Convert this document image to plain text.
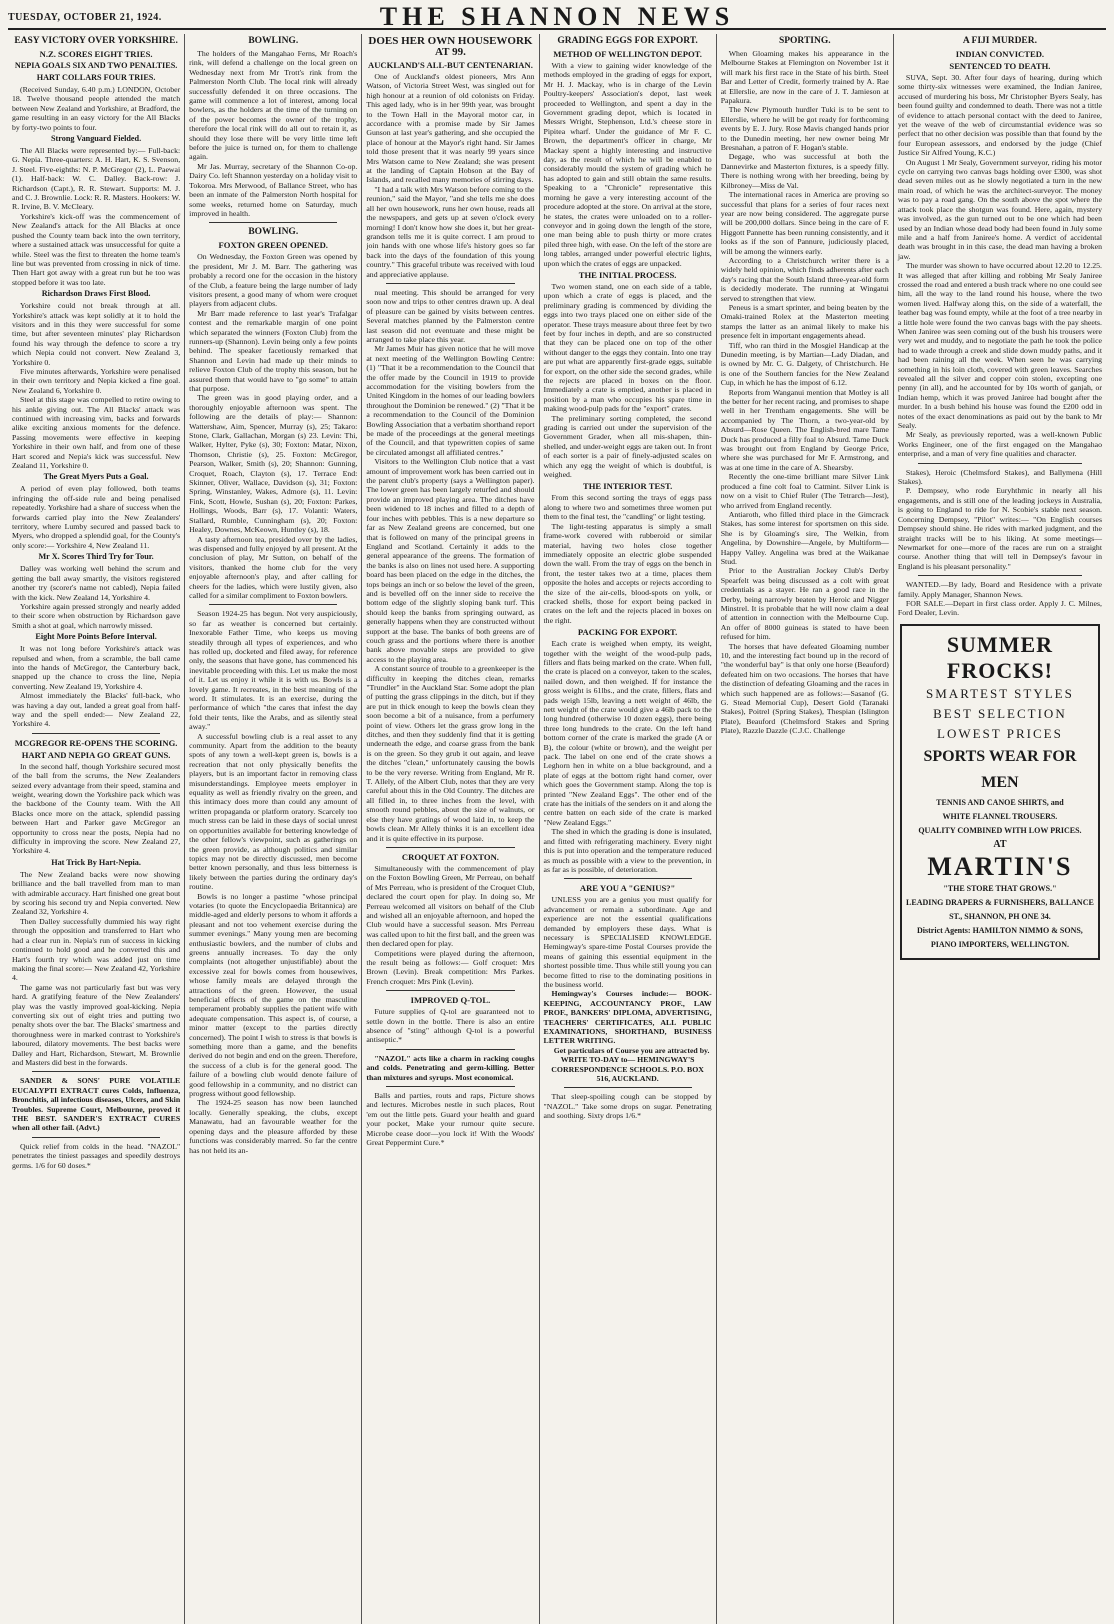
TUESDAY, OCTOBER 21, 1924.	THE SHANNON NEWS
EASY VICTORY OVER YORKSHIRE.
N.Z. SCORES EIGHT TRIES.
NEPIA GOALS SIX AND TWO PENALTIES.
HART COLLARS FOUR TRIES.

(Received Sunday, 6.40 p.m.) LONDON, October 18. Twelve thousand people attended the match between New Zealand and Yorkshire, at Bradford, the game resulting in an easy victory for the All Blacks by forty-two points to four.

Strong Vanguard Fielded.

The All Blacks were represented by:— Full-back: G. Nepia. Three-quarters: A. H. Hart, K. S. Svenson, J. Steel. Five-eighths: N. P. McGregor (2), L. Paewai (1). Half-back: W. C. Dalley. Back-row: J. Richardson (Capt.), R. R. Stewart. Supports: M. J. and C. J. Brownlie. Lock: R. R. Masters. Hookers: W. R. Irvine, B. V. McCleary.

Yorkshire's kick-off was the commencement of New Zealand's attack for the All Blacks at once pushed the County team back into the own territory, where a sustained attack was unsuccessful for quite a while. Steel was the first to threaten the home team's line but was prevented from crossing in nick of time. Then Hart got away with a great run but he too was stopped before it was too late.

Richardson Draws First Blood.

Yorkshire could not break through at all. Yorkshire's attack was kept solidly at it to hold the visitors and in this they were successful for some time, but after seventeen minutes' play Richardson found his way through the defence to score a try which Nepia could not convert. New Zealand 3, Yorkshire 0.

Five minutes afterwards, Yorkshire were penalised in their own territory and Nepia kicked a fine goal. New Zealand 6, Yorkshire 0.

Steel at this stage was compelled to retire owing to his ankle giving out. The All Blacks' attack was continued with increasing vim, backs and forwards alike exciting anxious moments for the defence. Passing movements were effective in keeping Yorkshire in their own half, and from one of these Hart scored and Nepia's kick was successful. New Zealand 11, Yorkshire 0.

The Great Myers Puts a Goal.

A period of even play followed, both teams infringing the off-side rule and being penalised repeatedly. Yorkshire had a share of success when the forwards carried play into the New Zealanders' territory, where Lumby secured and passed back to Myers, who dropped a splendid goal, for the County's only score:— Yorkshire 4, New Zealand 11.

Mr X. Scores Third Try for Tour.

Dalley was working well behind the scrum and getting the ball away smartly, the visitors registered another try (scorer's name not cabled), Nepia failed with the kick. New Zealand 14, Yorkshire 4.

Yorkshire again pressed strongly and nearly added to their score when obstruction by Richardson gave Smith a shot at goal, which narrowly missed.

Eight More Points Before Interval.

It was not long before Yorkshire's attack was repulsed and when, from a scramble, the ball came into the hands of McGregor, the Canterbury back, snapped up the chance to cross the line, Nepia converting. New Zealand 19, Yorkshire 4.

Almost immediately the Blacks' full-back, who was having a day out, landed a great goal from half-way and the spell ended:— New Zealand 22, Yorkshire 4.

MCGREGOR RE-OPENS THE SCORING.
HART AND NEPIA GO GREAT GUNS.

In the second half, though Yorkshire secured most of the ball from the scrums, the New Zealanders seized every advantage from their speed, stamina and weight, wearing down the Yorkshire pack which was the backbone of the County team. With the All Blacks once more on the attack, splendid passing between Hart and Parker gave McGregor an opportunity to cross near the posts, Nepia had no difficulty in improving the score. New Zealand 27, Yorkshire 4.

Hat Trick By Hart-Nepia.

The New Zealand backs were now showing brilliance and the ball travelled from man to man with admirable accuracy. Hart finished one great bout by scoring his second try and Nepia converted. New Zealand 32, Yorkshire 4.

Then Dalley successfully dummied his way right through the opposition and transferred to Hart who had a clear run in. Nepia's run of success in kicking continued to hold good and he converted this and Hart's fourth try which was added just on time making the final score:— New Zealand 42, Yorkshire 4.

The game was not particularly fast but was very hard. A gratifying feature of the New Zealanders' play was the vastly improved goal-kicking. Nepia converting six out of eight tries and putting two penalty shots over the bar. The Blacks' smartness and thoroughness were in marked contrast to Yorkshire's laboured, dilatory movements. The best backs were Dalley and Hart, Richardson, Stewart, M. Brownlie and Masters did best in the forwards.

SANDER & SONS' PURE VOLATILE EUCALYPTI EXTRACT cures Colds, Influenza, Bronchitis, all infectious diseases, Ulcers, and Skin Troubles. Supreme Court, Melbourne, proved it THE BEST. SANDER'S EXTRACT CURES when all other fail. (Advt.)

Quick relief from colds in the head. "NAZOL" penetrates the tiniest passages and speedily destroys germs. 1/6 for 60 doses.*

BOWLING.

The holders of the Mangahao Ferns, Mr Roach's rink, will defend a challenge on the local green on Wednesday next from Mr Trott's rink from the Palmerston North Club. The local rink will already successfully defended it on three occasions. The game will commence a lot of interest, among local bowlers, as the holders at the time of the turning on of the power becomes the owner of the trophy, therefore the local rink will do all out to retain it, as should they lose there will be very little time left before the juice is turned on, for them to challenge again.

Mr Jas. Murray, secretary of the Shannon Co-op. Dairy Co. left Shannon yesterday on a holiday visit to Tokoroa. Mrs Merwood, of Ballance Street, who has been an inmate of the Palmerston North hospital for some weeks, returned home on Saturday, much improved in health.

BOWLING.
FOXTON GREEN OPENED.

On Wednesday, the Foxton Green was opened by the president, Mr J. M. Barr. The gathering was probably a record one for the occasion in the history of the Club, a feature being the large number of lady visitors present, a good many of whom were croquet players from adjacent clubs.

Mr Barr made reference to last year's Trafalgar contest and the remarkable margin of one point which separated the winners (Foxton Club) from the runners-up (Shannon). Levin being only a few points behind. The speaker facetiously remarked that Shannon and Levin had made up their minds to relieve Foxton Club of the trophy this season, but he assured them that would have to "go some" to attain that purpose.

The green was in good playing order, and a thoroughly enjoyable afternoon was spent. The following are the details of play:— Shannon: Wattershaw, Aim, Spencer, Murray (s), 25; Takaro: Stone, Clark, Gallachan, Morgan (s) 23. Levin: Thi, Walker, Hylter, Pyke (s), 30; Foxton: Matar, Nixon, Thomson, Christie (s), 25. Foxton: McGregor, Pearson, Walker, Smith (s), 20; Shannon: Gunning, Croquet, Roach, Clayton (s), 17. Terrace End: Skinner, Oliver, Wallace, Davidson (s), 31; Foxton: Spring, Winstanley, Wakes, Admore (s), 11. Levin: Fink, Scott, Howle, Sushan (s), 20; Foxton: Parkes, Hollings, Woods, Barr (s), 17. Volanti: Waters, Stallard, Rumble, Cunningham (s), 20; Foxton: Healey, Downes, McKeown, Huntley (s), 18.

A tasty afternoon tea, presided over by the ladies, was dispensed and fully enjoyed by all present. At the conclusion of play, Mr Sutton, on behalf of the visitors, thanked the home club for the very enjoyable afternoon's play, and after calling for cheers for the ladies, which were lustily given, also called for a similar compliment to Foxton bowlers.

Season 1924-25 has begun. Not very auspiciously, so far as weather is concerned but certainly. Inexorable Father Time, who keeps us moving steadily through all types of experiences, and who has rolled up, docketed and filed away, for reference only, the seasons that have gone, has commenced his inevitable proceeding with this. Let us make the most of it. Let us enjoy it while it is with us. Bowls is a lovely game. It recreates, in the best meaning of the word. It stimulates. It is an exercise, during the performance of which "the cares that infest the day fold their tents, like the Arabs, and as silently steal away."

A successful bowling club is a real asset to any community. Apart from the addition to the beauty spots of any town a well-kept green is, bowls is a recreation that not only physically benefits the players, but is an important factor in removing class misunderstandings. Employee meets employer in equality as well as friendly rivalry on the green, and this intimacy does more than could any amount of written propaganda or platform oratory. Scarcely too much stress can be laid in these days of social unrest on opportunities available for bettering knowledge of the other fellow's viewpoint, such as gatherings on the green provide, as although politics and similar topics may not be directly discussed, men become better known personally, and thus less bitterness is likely between the parties during the ordinary day's routine.

Bowls is no longer a pastime "whose principal votaries (to quote the Encyclopaedia Britannica) are middle-aged and elderly persons to whom it affords a pleasant and not too vehement exercise during the summer evenings." Many young men are becoming enthusiastic bowlers, and the number of clubs and greens annually increases. To day the only complaints (not altogether unjustifiable) about the excessive zeal for bowls comes from housewives, whose family meals are delayed through the attractions of the green. However, the usual beneficial effects of the game on the masculine temperament probably supplies the patient wife with adequate compensation. This aspect is, of course, a minor matter (except to the parties directly concerned). The point I wish to stress is that bowls is something more than a game, and the benefits derived do not begin and end on the green. Therefore, the success of a club is for the general good. The failure of a bowling club would denote failure of good fellowship in a community, and no district can progress without good fellowship.

The 1924-25 season has now been launched locally. Generally speaking, the clubs, except Manawatu, had an favourable weather for the opening days and the pleasure afforded by these functions was considerably marred. So far the centre has not held its an-

DOES HER OWN HOUSEWORK AT 99.
AUCKLAND'S ALL-BUT CENTENARIAN.

One of Auckland's oldest pioneers, Mrs Ann Watson, of Victoria Street West, was singled out for high honour at a reunion of old colonists on Friday. This aged lady, who is in her 99th year, was brought to the Town Hall in the Mayoral motor car, in accordance with a promise made by Sir James Gunson at last year's gathering, and she occupied the place of honour at the Mayor's right hand. Sir James told those present that it was nearly 99 years since Mrs Watson came to New Zealand; she was present at the landing of Captain Hobson at the Bay of Islands, and recalled many memories of stirring days.

"I had a talk with Mrs Watson before coming to the reunion," said the Mayor, "and she tells me she does all her own housework, runs her own house, reads all the newspapers, and gets up at seven o'clock every morning! I don't know how she does it, but her great-grandson tells me it is quite correct. I am proud to join hands with one whose life's history goes so far back into the days of the foundation of this young country." This graceful tribute was received with loud and appreciative applause.

nual meeting. This should be arranged for very soon now and trips to other centres drawn up. A deal of pleasure can be gained by visits between centres. Several matches planned by the Palmerston centre last season did not eventuate and these might be arranged to take place this year.

Mr James Muir has given notice that he will move at next meeting of the Wellington Bowling Centre: (1) "That it be a recommendation to the Council that the offer made by the Council in 1919 to provide accommodation for the visiting bowlers from the United Kingdom in the homes of our leading bowlers throughout the Dominion be renewed." (2) "That it be a recommendation to the Council of the Dominion Bowling Association that a verbatim shorthand report be made of the proceedings at the general meetings of the Council, and that typewritten copies of same be circulated amongst all affiliated centres."

Visitors to the Wellington Club notice that a vast amount of improvement work has been carried out in the parent club's property (says a Wellington paper). The lower green has been largely returfed and should provide an improved playing area. The ditches have been widened to 18 inches and filled to a depth of four inches with pebbles. This is a new departure so far as New Zealand greens are concerned, but one that is followed on many of the principal greens in England and Scotland. Certainly it adds to the general appearance of the greens. The formation of the banks is also on lines not used here. A supporting board has been placed on the edge in the ditches, the tops beings an inch or so below the level of the green, and is bevelled off on the inner side to receive the bottom edge of the slightly sloping bank turf. This should keep the banks from springing outward, as generally happens when they are constructed without support at the base. The banks of both greens are of couch grass and the portions where there is another bank above movable steps are provided to give access to the playing area.

A constant source of trouble to a greenkeeper is the difficulty in keeping the ditches clean, remarks "Trundler" in the Auckland Star. Some adopt the plan of putting the grass clippings in the ditch, but if they are put in thick enough to keep the bowls clean they soon become a bit of a nuisance, from a perfumery point of view. Others let the grass grow long in the ditches, and then they suddenly find that it is getting underneath the edge, and coarse grass from the bank is on the green. So they grub it out again, and leave the ditches "clean," unfortunately causing the bowls to be the very reverse. Writing from England, Mr R. T. Allely, of the Albert Club, notes that they are very careful about this in the Old Country. The ditches are all filled in, to three inches from the level, with smooth round pebbles, about the size of walnuts, or else they have gratings of wood laid in, to keep the bowls clean. Mr Allely thinks it is an excellent idea and it is quite effective in its purpose.

CROQUET AT FOXTON.

Simultaneously with the commencement of play on the Foxton Bowling Green, Mr Perreau, on behalf of Mrs Perreau, who is president of the Croquet Club, declared the court open for play. In doing so, Mr Perreau welcomed all visitors on behalf of the Club and wished all an enjoyable afternoon, and hoped the Club would have a successful season. Mrs Perreau was called upon to hit the first ball, and the green was then declared open for play.

Competitions were played during the afternoon, the result being as follows:— Golf croquet: Mrs Brown (Levin). Break competition: Mrs Parkes. French croquet: Mrs Pink (Levin).

IMPROVED Q-TOL.

Future supplies of Q-tol are guaranteed not to settle down in the bottle. There is also an entire absence of "sting" although Q-tol is a powerful antiseptic.*

"NAZOL" acts like a charm in racking coughs and colds. Penetrating and germ-killing. Better than mixtures and syrups. Most economical.

Balls and parties, routs and raps, Picture shows and lectures. Microbes nestle in such places, Rout 'em out the little pets. Guard your health and guard your pocket, Make your rumour quite secure. Microbe cease door—you lock it! With the Woods' Great Peppermint Cure.*

GRADING EGGS FOR EXPORT.
METHOD OF WELLINGTON DEPOT.

With a view to gaining wider knowledge of the methods employed in the grading of eggs for export, Mr H. J. Mackay, who is in charge of the Levin Poultry-keepers' Association's depot, last week proceeded to Wellington, and spent a day in the Government grading depot, which is located in Messrs Wright, Stephenson, Ltd.'s cheese store in Pipitea wharf. Under the guidance of Mr F. C. Brown, the department's officer in charge, Mr Mackay spent a highly interesting and instructive day, as the result of which he will be enabled to considerably mould the system of grading which he has adopted to gain and still obtain the same results. Speaking to a "Chronicle" representative this morning he gave a very interesting account of the procedure adopted at the store. On arrival at the store, he states, the crates were unloaded on to a roller-conveyor and in going down the length of the store, one man being able to push thirty or more crates piled three high, with ease. On the left of the store are long tables, arranged under powerful electric lights, upon which the crates of eggs are unpacked.

THE INITIAL PROCESS.

Two women stand, one on each side of a table, upon which a crate of eggs is placed, and the preliminary grading is commenced by dividing the eggs into two trays placed one on either side of the operator. These trays measure about three feet by two feet by four inches in depth, and are so constructed that they can be placed one on top of the other without danger to the eggs they contain. Into one tray are put what are apparently first-grade eggs, suitable for export, on the other side the second grades, while the rejects are placed in boxes on the floor. Immediately a crate is emptied, another is placed in position by a man who occupies his spare time in making wood-pulp pads for the "export" crates.

The preliminary sorting completed, the second grading is carried out under the supervision of the Government Grader, when all mis-shapen, thin-shelled, and under-weight eggs are taken out. In front of each sorter is a pair of finely-adjusted scales on which any egg the weight of which is doubtful, is weighed.

THE INTERIOR TEST.

From this second sorting the trays of eggs pass along to where two and sometimes three women put them to the final test, the "candling" or light testing.

The light-testing apparatus is simply a small frame-work covered with rubberoid or similar material, having two holes close together immediately opposite an electric globe suspended down the wall. From the tray of eggs on the bench in front, the tester takes two at a time, places them opposite the holes and accepts or rejects according to the size of the air-cells, blood-spots on yolk, or cracked shells, those for export being packed in crates on the left and the rejects placed in boxes on the right.

PACKING FOR EXPORT.

Each crate is weighed when empty, its weight, together with the weight of the wood-pulp pads, fillers and flats being marked on the crate. When full, the crate is placed on a conveyor, taken to the scales, nailed down, and then weighed. If for instance the gross weight is 61lbs., and the crate, fillers, flats and pads weigh 15lb, leaving a nett weight of 46lb, the nett weight of the crate would give a 46lb pack to the long hundred (otherwise 10 dozen eggs), there being three long hundreds to the crate. On the left hand bottom corner of the crate is marked the grade (A or B), the colour (white or brown), and the weight per pack. The label on one end of the crate shows a Leghorn hen in white on a blue background, and a plate of eggs at the bottom right hand corner, over which goes the Government stamp. Along the top is printed "New Zealand Eggs". The other end of the crate has the initials of the senders on it and along the centre batten on each side of the crate is marked "New Zealand Eggs."

The shed in which the grading is done is insulated, and fitted with refrigerating machinery. Every night this is put into operation and the temperature reduced as much as possible with a view to the prevention, in as far as is possible, of deterioration.

ARE YOU A "GENIUS?"

UNLESS you are a genius you must qualify for advancement or remain a subordinate. Age and experience are not the essential qualifications demanded by employers these days. What is necessary is SPECIALISED KNOWLEDGE. Hemingway's spare-time Postal Courses provide the means of gaining this essential equipment in the shortest possible time. Thus while still young you can become fitted to rise to the dominating positions in the business world.

Hemingway's Courses include:— BOOK-KEEPING, ACCOUNTANCY PROF., LAW PROF., BANKERS' DIPLOMA, ADVERTISING, TEACHERS' CERTIFICATES, ALL PUBLIC EXAMINATIONS, SHORTHAND, BUSINESS LETTER WRITING.

Get particulars of Course you are attracted by. WRITE TO-DAY to— HEMINGWAY'S CORRESPONDENCE SCHOOLS. P.O. BOX 516, AUCKLAND.

That sleep-spoiling cough can be stopped by "NAZOL." Take some drops on sugar. Penetrating and soothing. Sixty drops 1/6.*

SPORTING.

When Gloaming makes his appearance in the Melbourne Stakes at Flemington on November 1st it will mark his first race in the State of his birth. Steel Bar and Letter of Credit, formerly trained by A. Rae at Ellerslie, are now in the care of J. T. Jamieson at Papakura.

The New Plymouth hurdler Tuki is to be sent to Ellerslie, where he will be got ready for forthcoming events by E. J. Jury. Rose Mavis changed hands prior to the Dunedin meeting, her new owner being Mr Bresnahan, a patron of F. Hogan's stable.

Degage, who was successful at both the Dannevirke and Masterton fixtures, is a speedy filly. There is nothing wrong with her breeding, being by Kilbroney—Miss de Val.

The international races in America are proving so successful that plans for a series of four races next year are now being considered. The aggregate purse will be 200,000 dollars. Since being in the care of F. Higgott Pannette has been running consistently, and it looks as if the son of Pannure, judiciously placed, will be among the winners early.

According to a Christchurch writer there is a widely held opinion, which finds adherents after each day's racing that the South Island three-year-old form is decidedly moderate. The running at Wingatui served to strengthen that view.

Peneus is a smart sprinter, and being beaten by the Omaki-trained Rolex at the Masterton meeting stamps the latter as an animal likely to make his presence felt in important engagements ahead.

Tiff, who ran third in the Mosgiel Handicap at the Dunedin meeting, is by Martian—Lady Diadan, and is owned by Mr. C. G. Dalgety, of Christchurch. He is one of the Southern fancies for the New Zealand Cup, in which he has the impost of 6.12.

Reports from Wanganui mention that Motley is all the better for her recent racing, and promises to shape well in her Trentham engagements. She will be accompanied by The Thorn, a two-year-old by Absurd—Rose Queen. The English-bred mare Tame Duck has produced a filly foal to Absurd. Tame Duck was brought out from England by George Price, where she was purchased for Mr F. Armstrong, and was at one time in the care of A. Shearsby.

Recently the one-time brilliant mare Silver Link produced a fine colt foal to Catmint. Silver Link is now on a visit to Chief Ruler (The Tetrarch—Jest), who arrived from England recently.

Antiaroth, who filled third place in the Gimcrack Stakes, has some interest for sportsmen on this side. She is by Gloaming's sire, The Welkin, from Angelina, by Downshire—Angele, by Multiform—Happy Valley. Angelina was bred at the Waikanae Stud.

Prior to the Australian Jockey Club's Derby Spearfelt was being discussed as a colt with great credentials as a stayer. He ran a good race in the Derby, being narrowly beaten by Heroic and Nigger Minstrel. It is probable that he will now claim a deal of attention in connection with the Melbourne Cup. An offer of 8000 guineas is stated to have been refused for him.

The horses that have defeated Gloaming number 10, and the interesting fact bound up in the record of "the wonderful bay" is that only one horse (Beauford) defeated him on two occasions. The horses that have the distinction of defeating Gloaming and the races in which such happened are as follows:—Sasanof (G. G. Stead Memorial Cup), Desert Gold (Taranaki Stakes), Poitrel (Spring Stakes), Thespian (Islington Plate), Beauford (Chelmsford Stakes and Spring Plate), Razzle Dazzle (C.J.C. Challenge

A FIJI MURDER.
INDIAN CONVICTED.
SENTENCED TO DEATH.

SUVA, Sept. 30. After four days of hearing, during which some thirty-six witnesses were examined, the Indian Janiree, accused of murdering his boss, Mr Christopher Byers Sealy, has been found guilty and condemned to death. There was not a tittle of evidence to attach personal contact with the deed to Janiree, yet the weave of the web of circumstantial evidence was so perfect that no other decision was possible than that found by the four European assessors, and endorsed by the judge (Chief Justice Sir Alfred Young, K.C.)

On August 1 Mr Sealy, Government surveyor, riding his motor cycle on carrying two canvas bags holding over £300, was shot dead seven miles out as he slowly negotiated a turn in the new main road, of which he was the architect-surveyor. The money was to pay a road gang. On the south above the spot where the attack took place the shotgun was found. Here, again, mystery was involved, as the gun turned out to be one which had been used by an Indian whose dead body had been found in July some mile and a half from Janiree's home. A verdict of accidental death was brought in in this case, the dead man having a broken jaw.

The murder was shown to have occurred about 12.20 to 12.25. It was alleged that after killing and robbing Mr Sealy Janiree crossed the road and entered a bush track where no one could see him, all the way to the land round his house, where the two women lived. Halfway along this, on the side of a waterfall, the leather bag was found empty, while at the foot of a tree nearby in a little hole were found the two canvas bags with the pay sheets. When Janiree was seen coming out of the bush his trousers were very wet and muddy, and to negotiate the path he took the police had to wade through a creek and slide down muddy paths, and it had been raining all the week. When seen he was carrying something in his loin cloth, covered with green leaves. Searches revealed all the silver and copper coin stolen, excepting one penny (in all), and he accounted for by 10s worth of ganjah, or Indian hemp, which it was proved Janiree had bought after the murder. In a bush behind his house was found the £200 odd in notes of the exact denominations as paid out by the bank to Mr Sealy.

Mr Sealy, as previously reported, was a well-known Public Works Engineer, one of the first engaged on the Mangahao enterprise, and a man of very fine qualities and character.

Stakes), Heroic (Chelmsford Stakes), and Ballymena (Hill Stakes).

P. Dempsey, who rode Euryhthmic in nearly all his engagements, and is still one of the leading jockeys in Australia, is going to England to ride for N. Scobie's stable next season. Concerning Dempsey, "Pilot" writes:— "On English courses Dempsey should shine. He rides with marked judgment, and the straight tracks will be to his liking. At some meetings—Newmarket for one—more of the races are run on a straight course. Another thing that will tell in Dempsey's favour in England is his pleasant personality."

WANTED.—By lady, Board and Residence with a private family. Apply Manager, Shannon News.

FOR SALE.—Depart in first class order. Apply J. C. Milnes, Ford Dealer, Levin.

SUMMER FROCKS!
SMARTEST STYLES
BEST SELECTION
LOWEST PRICES
SPORTS WEAR FOR MEN
TENNIS AND CANOE SHIRTS, and
WHITE FLANNEL TROUSERS.
QUALITY COMBINED WITH LOW PRICES.
AT
MARTIN'S
"THE STORE THAT GROWS."
LEADING DRAPERS & FURNISHERS, BALLANCE ST., SHANNON, PH ONE 34.
District Agents: HAMILTON NIMMO & SONS, PIANO IMPORTERS, WELLINGTON.
